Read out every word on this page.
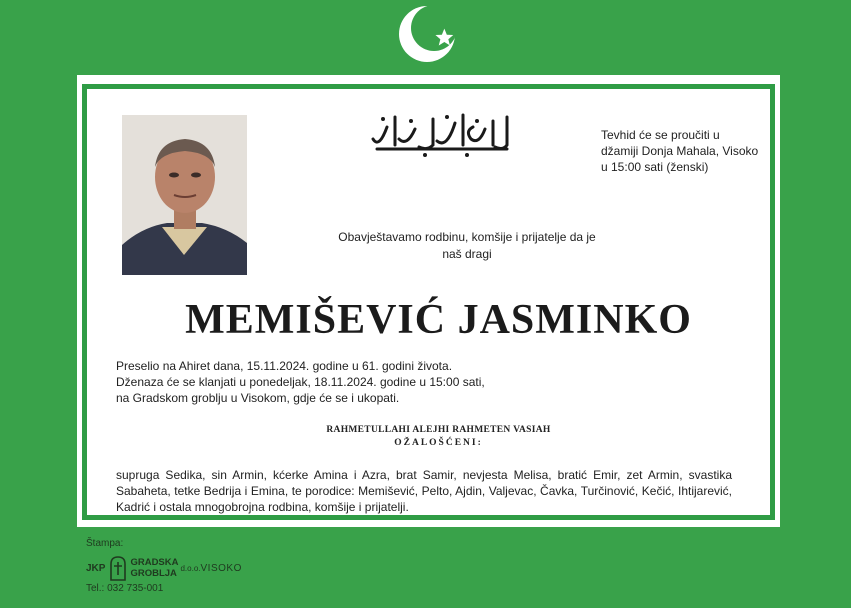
Tevhid će se proučiti u
džamiji Donja Mahala, Visoko
u 15:00 sati (ženski)
Obavještavamo rodbinu, komšije i prijatelje da je
naš dragi
MEMIŠEVIĆ JASMINKO
Preselio na Ahiret dana, 15.11.2024. godine u 61. godini života.
Dženaza će se klanjati u ponedeljak, 18.11.2024. godine u 15:00 sati,
na Gradskom groblju u Visokom, gdje će se i ukopati.
RAHMETULLAHI ALEJHI RAHMETEN VASIAH
OŽALOŠĆENI:
supruga Sedika, sin Armin, kćerke Amina i Azra, brat Samir, nevjesta Melisa, bratić Emir, zet Armin, svastika Sabaheta, tetke Bedrija i Emina, te porodice: Memišević, Pelto, Ajdin, Valjevac, Čavka, Turčinović, Kečić, Ihtijarević, Kadrić i ostala mnogobrojna rodbina, komšije i prijatelji.
Štampa:
JKP	GRADSKA
GROBLJA d.o.o. VISOKO
Tel.: 032 735-001
